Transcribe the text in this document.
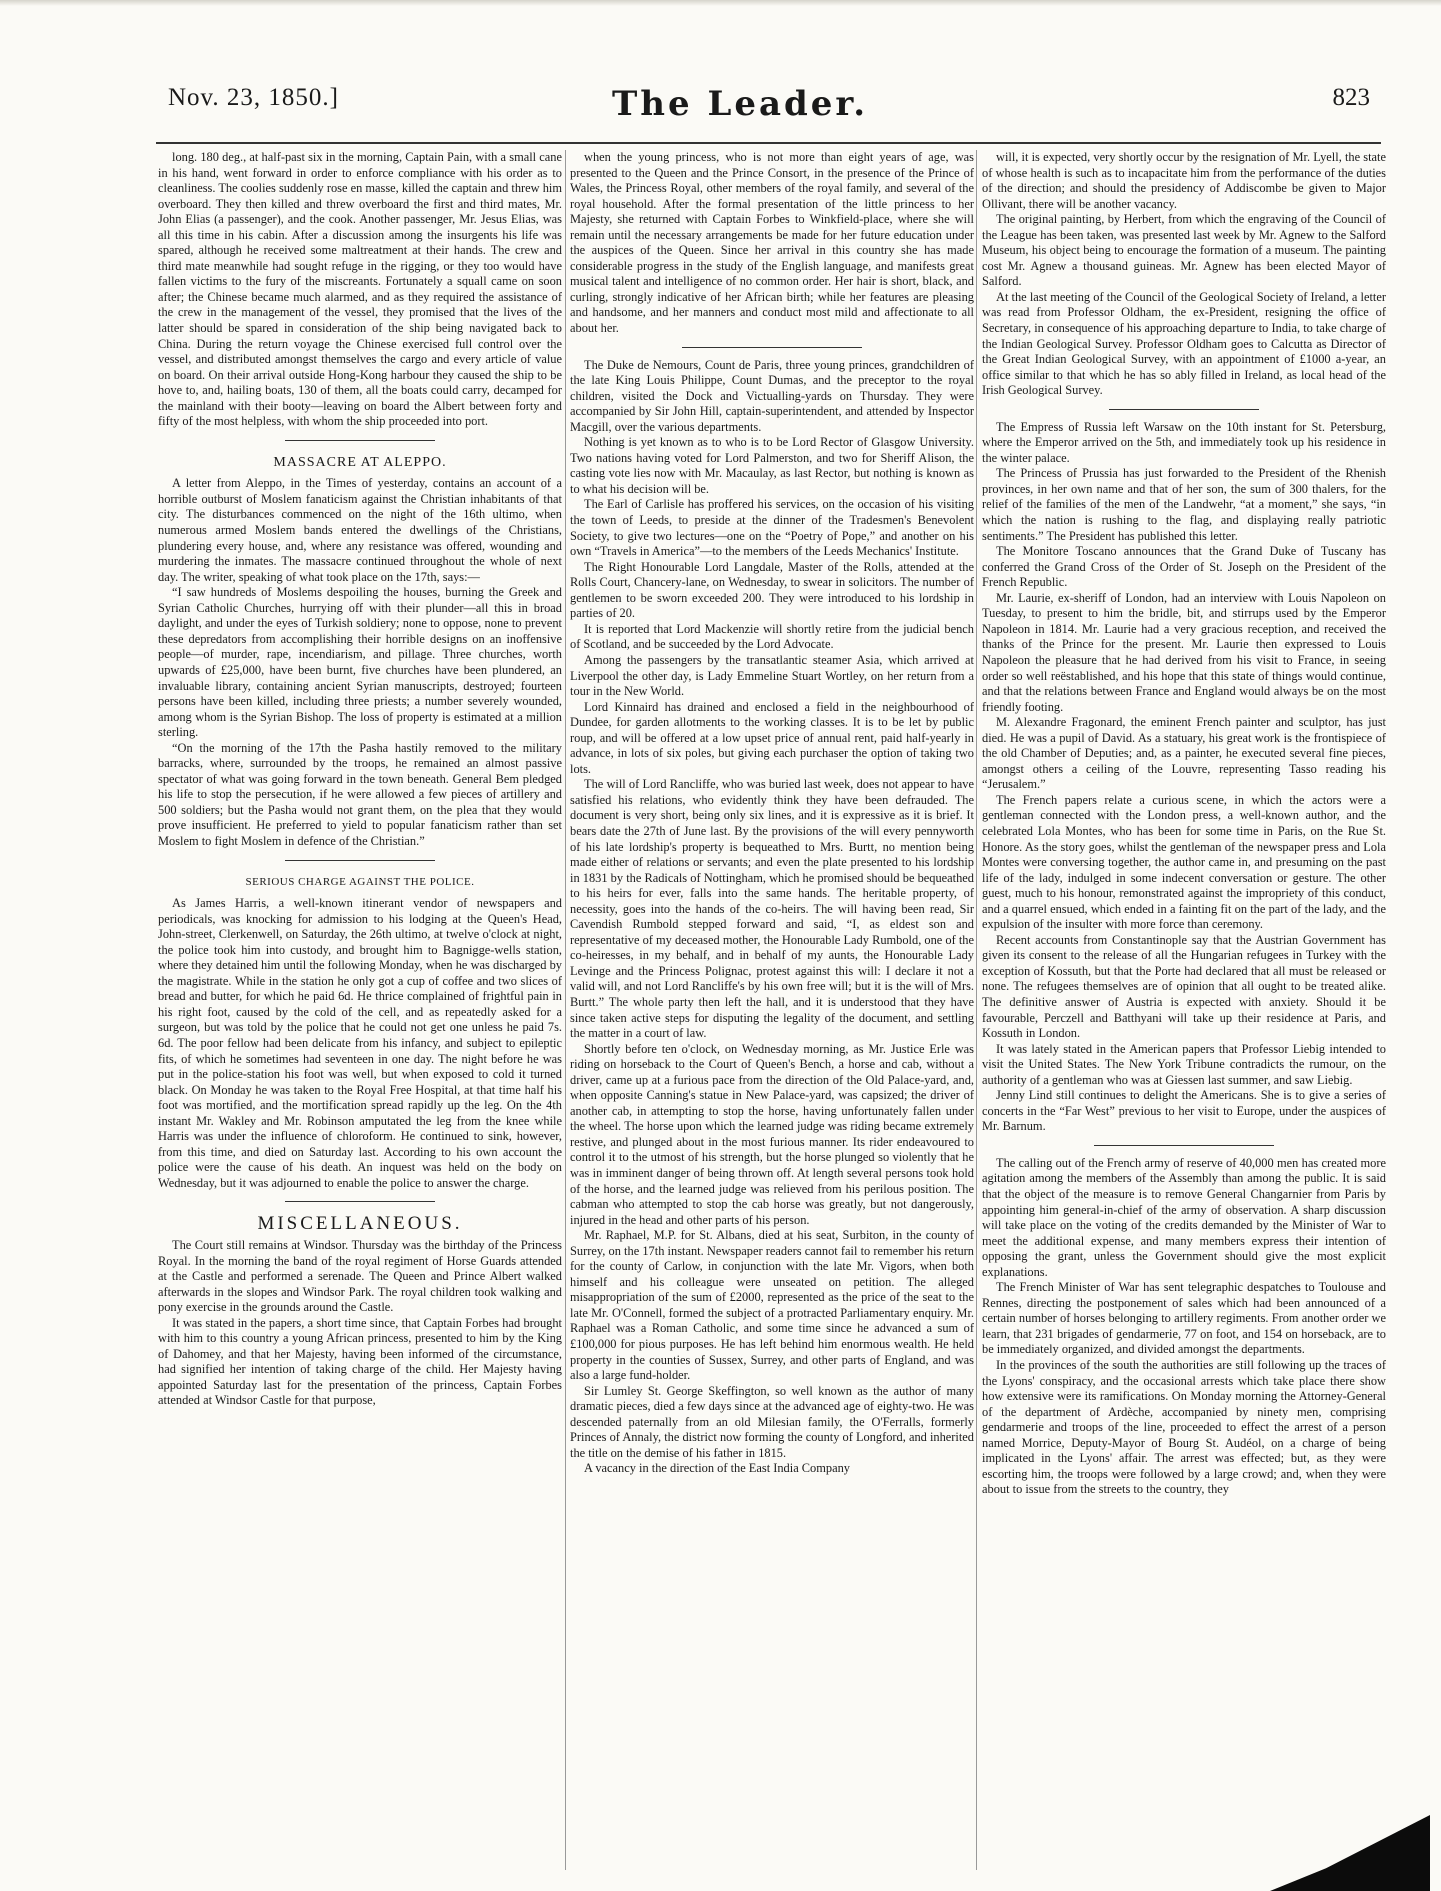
Nov. 23, 1850.]	The Leader.	823

long. 180 deg., at half-past six in the morning, Captain Pain, with a small cane in his hand, went forward in order to enforce compliance with his order as to cleanliness. The coolies suddenly rose en masse, killed the captain and threw him overboard. They then killed and threw overboard the first and third mates, Mr. John Elias (a passenger), and the cook. Another passenger, Mr. Jesus Elias, was all this time in his cabin. After a discussion among the insurgents his life was spared, although he received some maltreatment at their hands. The crew and third mate meanwhile had sought refuge in the rigging, or they too would have fallen victims to the fury of the miscreants. Fortunately a squall came on soon after; the Chinese became much alarmed, and as they required the assistance of the crew in the management of the vessel, they promised that the lives of the latter should be spared in consideration of the ship being navigated back to China. During the return voyage the Chinese exercised full control over the vessel, and distributed amongst themselves the cargo and every article of value on board. On their arrival outside Hong-Kong harbour they caused the ship to be hove to, and, hailing boats, 130 of them, all the boats could carry, decamped for the mainland with their booty—leaving on board the Albert between forty and fifty of the most helpless, with whom the ship proceeded into port.

MASSACRE AT ALEPPO.

A letter from Aleppo, in the Times of yesterday, contains an account of a horrible outburst of Moslem fanaticism against the Christian inhabitants of that city. The disturbances commenced on the night of the 16th ultimo, when numerous armed Moslem bands entered the dwellings of the Christians, plundering every house, and, where any resistance was offered, wounding and murdering the inmates. The massacre continued throughout the whole of next day. The writer, speaking of what took place on the 17th, says:—

“I saw hundreds of Moslems despoiling the houses, burning the Greek and Syrian Catholic Churches, hurrying off with their plunder—all this in broad daylight, and under the eyes of Turkish soldiery; none to oppose, none to prevent these depredators from accomplishing their horrible designs on an inoffensive people—of murder, rape, incendiarism, and pillage. Three churches, worth upwards of £25,000, have been burnt, five churches have been plundered, an invaluable library, containing ancient Syrian manuscripts, destroyed; fourteen persons have been killed, including three priests; a number severely wounded, among whom is the Syrian Bishop. The loss of property is estimated at a million sterling.

“On the morning of the 17th the Pasha hastily removed to the military barracks, where, surrounded by the troops, he remained an almost passive spectator of what was going forward in the town beneath. General Bem pledged his life to stop the persecution, if he were allowed a few pieces of artillery and 500 soldiers; but the Pasha would not grant them, on the plea that they would prove insufficient. He preferred to yield to popular fanaticism rather than set Moslem to fight Moslem in defence of the Christian.”

SERIOUS CHARGE AGAINST THE POLICE.

As James Harris, a well-known itinerant vendor of newspapers and periodicals, was knocking for admission to his lodging at the Queen's Head, John-street, Clerkenwell, on Saturday, the 26th ultimo, at twelve o'clock at night, the police took him into custody, and brought him to Bagnigge-wells station, where they detained him until the following Monday, when he was discharged by the magistrate. While in the station he only got a cup of coffee and two slices of bread and butter, for which he paid 6d. He thrice complained of frightful pain in his right foot, caused by the cold of the cell, and as repeatedly asked for a surgeon, but was told by the police that he could not get one unless he paid 7s. 6d. The poor fellow had been delicate from his infancy, and subject to epileptic fits, of which he sometimes had seventeen in one day. The night before he was put in the police-station his foot was well, but when exposed to cold it turned black. On Monday he was taken to the Royal Free Hospital, at that time half his foot was mortified, and the mortification spread rapidly up the leg. On the 4th instant Mr. Wakley and Mr. Robinson amputated the leg from the knee while Harris was under the influence of chloroform. He continued to sink, however, from this time, and died on Saturday last. According to his own account the police were the cause of his death. An inquest was held on the body on Wednesday, but it was adjourned to enable the police to answer the charge.

MISCELLANEOUS.

The Court still remains at Windsor. Thursday was the birthday of the Princess Royal. In the morning the band of the royal regiment of Horse Guards attended at the Castle and performed a serenade. The Queen and Prince Albert walked afterwards in the slopes and Windsor Park. The royal children took walking and pony exercise in the grounds around the Castle.

It was stated in the papers, a short time since, that Captain Forbes had brought with him to this country a young African princess, presented to him by the King of Dahomey, and that her Majesty, having been informed of the circumstance, had signified her intention of taking charge of the child. Her Majesty having appointed Saturday last for the presentation of the princess, Captain Forbes attended at Windsor Castle for that purpose,

when the young princess, who is not more than eight years of age, was presented to the Queen and the Prince Consort, in the presence of the Prince of Wales, the Princess Royal, other members of the royal family, and several of the royal household. After the formal presentation of the little princess to her Majesty, she returned with Captain Forbes to Winkfield-place, where she will remain until the necessary arrangements be made for her future education under the auspices of the Queen. Since her arrival in this country she has made considerable progress in the study of the English language, and manifests great musical talent and intelligence of no common order. Her hair is short, black, and curling, strongly indicative of her African birth; while her features are pleasing and handsome, and her manners and conduct most mild and affectionate to all about her.

The Duke de Nemours, Count de Paris, three young princes, grandchildren of the late King Louis Philippe, Count Dumas, and the preceptor to the royal children, visited the Dock and Victualling-yards on Thursday. They were accompanied by Sir John Hill, captain-superintendent, and attended by Inspector Macgill, over the various departments.

Nothing is yet known as to who is to be Lord Rector of Glasgow University. Two nations having voted for Lord Palmerston, and two for Sheriff Alison, the casting vote lies now with Mr. Macaulay, as last Rector, but nothing is known as to what his decision will be.

The Earl of Carlisle has proffered his services, on the occasion of his visiting the town of Leeds, to preside at the dinner of the Tradesmen's Benevolent Society, to give two lectures—one on the “Poetry of Pope,” and another on his own “Travels in America”—to the members of the Leeds Mechanics' Institute.

The Right Honourable Lord Langdale, Master of the Rolls, attended at the Rolls Court, Chancery-lane, on Wednesday, to swear in solicitors. The number of gentlemen to be sworn exceeded 200. They were introduced to his lordship in parties of 20.

It is reported that Lord Mackenzie will shortly retire from the judicial bench of Scotland, and be succeeded by the Lord Advocate.

Among the passengers by the transatlantic steamer Asia, which arrived at Liverpool the other day, is Lady Emmeline Stuart Wortley, on her return from a tour in the New World.

Lord Kinnaird has drained and enclosed a field in the neighbourhood of Dundee, for garden allotments to the working classes. It is to be let by public roup, and will be offered at a low upset price of annual rent, paid half-yearly in advance, in lots of six poles, but giving each purchaser the option of taking two lots.

The will of Lord Rancliffe, who was buried last week, does not appear to have satisfied his relations, who evidently think they have been defrauded. The document is very short, being only six lines, and it is expressive as it is brief. It bears date the 27th of June last. By the provisions of the will every pennyworth of his late lordship's property is bequeathed to Mrs. Burtt, no mention being made either of relations or servants; and even the plate presented to his lordship in 1831 by the Radicals of Nottingham, which he promised should be bequeathed to his heirs for ever, falls into the same hands. The heritable property, of necessity, goes into the hands of the co-heirs. The will having been read, Sir Cavendish Rumbold stepped forward and said, “I, as eldest son and representative of my deceased mother, the Honourable Lady Rumbold, one of the co-heiresses, in my behalf, and in behalf of my aunts, the Honourable Lady Levinge and the Princess Polignac, protest against this will: I declare it not a valid will, and not Lord Rancliffe's by his own free will; but it is the will of Mrs. Burtt.” The whole party then left the hall, and it is understood that they have since taken active steps for disputing the legality of the document, and settling the matter in a court of law.

Shortly before ten o'clock, on Wednesday morning, as Mr. Justice Erle was riding on horseback to the Court of Queen's Bench, a horse and cab, without a driver, came up at a furious pace from the direction of the Old Palace-yard, and, when opposite Canning's statue in New Palace-yard, was capsized; the driver of another cab, in attempting to stop the horse, having unfortunately fallen under the wheel. The horse upon which the learned judge was riding became extremely restive, and plunged about in the most furious manner. Its rider endeavoured to control it to the utmost of his strength, but the horse plunged so violently that he was in imminent danger of being thrown off. At length several persons took hold of the horse, and the learned judge was relieved from his perilous position. The cabman who attempted to stop the cab horse was greatly, but not dangerously, injured in the head and other parts of his person.

Mr. Raphael, M.P. for St. Albans, died at his seat, Surbiton, in the county of Surrey, on the 17th instant. Newspaper readers cannot fail to remember his return for the county of Carlow, in conjunction with the late Mr. Vigors, when both himself and his colleague were unseated on petition. The alleged misappropriation of the sum of £2000, represented as the price of the seat to the late Mr. O'Connell, formed the subject of a protracted Parliamentary enquiry. Mr. Raphael was a Roman Catholic, and some time since he advanced a sum of £100,000 for pious purposes. He has left behind him enormous wealth. He held property in the counties of Sussex, Surrey, and other parts of England, and was also a large fund-holder.

Sir Lumley St. George Skeffington, so well known as the author of many dramatic pieces, died a few days since at the advanced age of eighty-two. He was descended paternally from an old Milesian family, the O'Ferralls, formerly Princes of Annaly, the district now forming the county of Longford, and inherited the title on the demise of his father in 1815.

A vacancy in the direction of the East India Company

will, it is expected, very shortly occur by the resignation of Mr. Lyell, the state of whose health is such as to incapacitate him from the performance of the duties of the direction; and should the presidency of Addiscombe be given to Major Ollivant, there will be another vacancy.

The original painting, by Herbert, from which the engraving of the Council of the League has been taken, was presented last week by Mr. Agnew to the Salford Museum, his object being to encourage the formation of a museum. The painting cost Mr. Agnew a thousand guineas. Mr. Agnew has been elected Mayor of Salford.

At the last meeting of the Council of the Geological Society of Ireland, a letter was read from Professor Oldham, the ex-President, resigning the office of Secretary, in consequence of his approaching departure to India, to take charge of the Indian Geological Survey. Professor Oldham goes to Calcutta as Director of the Great Indian Geological Survey, with an appointment of £1000 a-year, an office similar to that which he has so ably filled in Ireland, as local head of the Irish Geological Survey.

The Empress of Russia left Warsaw on the 10th instant for St. Petersburg, where the Emperor arrived on the 5th, and immediately took up his residence in the winter palace.

The Princess of Prussia has just forwarded to the President of the Rhenish provinces, in her own name and that of her son, the sum of 300 thalers, for the relief of the families of the men of the Landwehr, “at a moment,” she says, “in which the nation is rushing to the flag, and displaying really patriotic sentiments.” The President has published this letter.

The Monitore Toscano announces that the Grand Duke of Tuscany has conferred the Grand Cross of the Order of St. Joseph on the President of the French Republic.

Mr. Laurie, ex-sheriff of London, had an interview with Louis Napoleon on Tuesday, to present to him the bridle, bit, and stirrups used by the Emperor Napoleon in 1814. Mr. Laurie had a very gracious reception, and received the thanks of the Prince for the present. Mr. Laurie then expressed to Louis Napoleon the pleasure that he had derived from his visit to France, in seeing order so well reëstablished, and his hope that this state of things would continue, and that the relations between France and England would always be on the most friendly footing.

M. Alexandre Fragonard, the eminent French painter and sculptor, has just died. He was a pupil of David. As a statuary, his great work is the frontispiece of the old Chamber of Deputies; and, as a painter, he executed several fine pieces, amongst others a ceiling of the Louvre, representing Tasso reading his “Jerusalem.”

The French papers relate a curious scene, in which the actors were a gentleman connected with the London press, a well-known author, and the celebrated Lola Montes, who has been for some time in Paris, on the Rue St. Honore. As the story goes, whilst the gentleman of the newspaper press and Lola Montes were conversing together, the author came in, and presuming on the past life of the lady, indulged in some indecent conversation or gesture. The other guest, much to his honour, remonstrated against the impropriety of this conduct, and a quarrel ensued, which ended in a fainting fit on the part of the lady, and the expulsion of the insulter with more force than ceremony.

Recent accounts from Constantinople say that the Austrian Government has given its consent to the release of all the Hungarian refugees in Turkey with the exception of Kossuth, but that the Porte had declared that all must be released or none. The refugees themselves are of opinion that all ought to be treated alike. The definitive answer of Austria is expected with anxiety. Should it be favourable, Perczell and Batthyani will take up their residence at Paris, and Kossuth in London.

It was lately stated in the American papers that Professor Liebig intended to visit the United States. The New York Tribune contradicts the rumour, on the authority of a gentleman who was at Giessen last summer, and saw Liebig.

Jenny Lind still continues to delight the Americans. She is to give a series of concerts in the “Far West” previous to her visit to Europe, under the auspices of Mr. Barnum.

The calling out of the French army of reserve of 40,000 men has created more agitation among the members of the Assembly than among the public. It is said that the object of the measure is to remove General Changarnier from Paris by appointing him general-in-chief of the army of observation. A sharp discussion will take place on the voting of the credits demanded by the Minister of War to meet the additional expense, and many members express their intention of opposing the grant, unless the Government should give the most explicit explanations.

The French Minister of War has sent telegraphic despatches to Toulouse and Rennes, directing the postponement of sales which had been announced of a certain number of horses belonging to artillery regiments. From another order we learn, that 231 brigades of gendarmerie, 77 on foot, and 154 on horseback, are to be immediately organized, and divided amongst the departments.

In the provinces of the south the authorities are still following up the traces of the Lyons' conspiracy, and the occasional arrests which take place there show how extensive were its ramifications. On Monday morning the Attorney-General of the department of Ardèche, accompanied by ninety men, comprising gendarmerie and troops of the line, proceeded to effect the arrest of a person named Morrice, Deputy-Mayor of Bourg St. Audéol, on a charge of being implicated in the Lyons' affair. The arrest was effected; but, as they were escorting him, the troops were followed by a large crowd; and, when they were about to issue from the streets to the country, they
